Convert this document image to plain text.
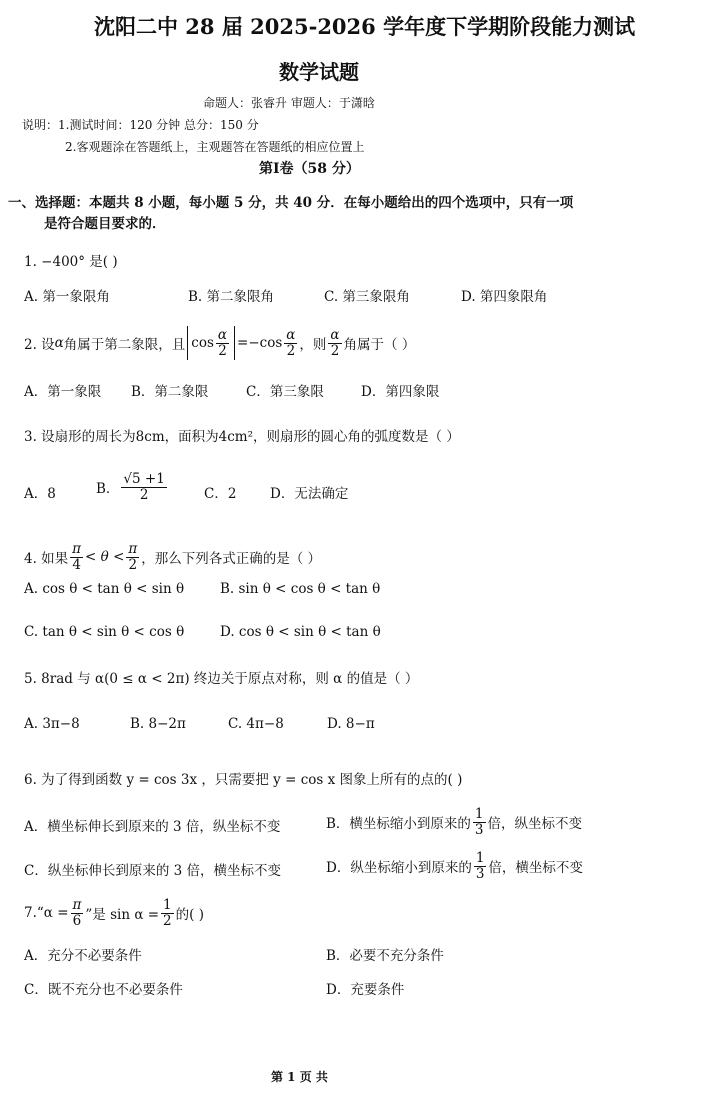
沈阳二中 28 届 2025-2026 学年度下学期阶段能力测试
数学试题
命题人：张睿升 审题人：于潇晗
说明：1.测试时间：120 分钟 总分：150 分
2.客观题涂在答题纸上，主观题答在答题纸的相应位置上
第Ⅰ卷（58 分）
一、选择题：本题共 8 小题，每小题 5 分，共 40 分．在每小题给出的四个选项中，只有一项
是符合题目要求的．
1. −400° 是( )
A. 第一象限角	B. 第二象限角	C. 第三象限角	D. 第四象限角
2. 设 α 角属于第二象限，且 $\cos \frac{\alpha}{2} =-\cos \frac{\alpha}{2}$ ，则 $\frac{\alpha}{2}$ 角属于（ ）
A．第一象限 B．第二象限	C．第三象限	D．第四象限
3. 设扇形的周长为8cm，面积为4cm²，则扇形的圆心角的弧度数是（ ）
A．8	B． $\frac{√5 +1}{2}$	C．2 D．无法确定
4. 如果 $\frac{\pi}{4} < \theta < \frac{\pi}{2}$ ，那么下列各式正确的是（ ）
A. cos θ < tan θ < sin θ	B. sin θ < cos θ < tan θ
C. tan θ < sin θ < cos θ	D. cos θ < sin θ < tan θ
5. 8rad 与 α(0 ≤ α < 2π) 终边关于原点对称，则 α 的值是（ ）
A. 3π−8	B. 8−2π	C. 4π−8	D. 8−π
6. 为了得到函数 y = cos 3x ，只需要把 y = cos x 图象上所有的点的( )
A．横坐标伸长到原来的 3 倍，纵坐标不变	B．横坐标缩小到原来的 $\frac{1}{3}$ 倍，纵坐标不变
C．纵坐标伸长到原来的 3 倍，横坐标不变	D．纵坐标缩小到原来的 $\frac{1}{3}$ 倍，横坐标不变
7.“α = $\frac{\pi}{6}$ ”是 $\sin \alpha = \frac{1}{2}$ 的( )
A．充分不必要条件	B．必要不充分条件
C．既不充分也不必要条件	D．充要条件
第 1 页 共
